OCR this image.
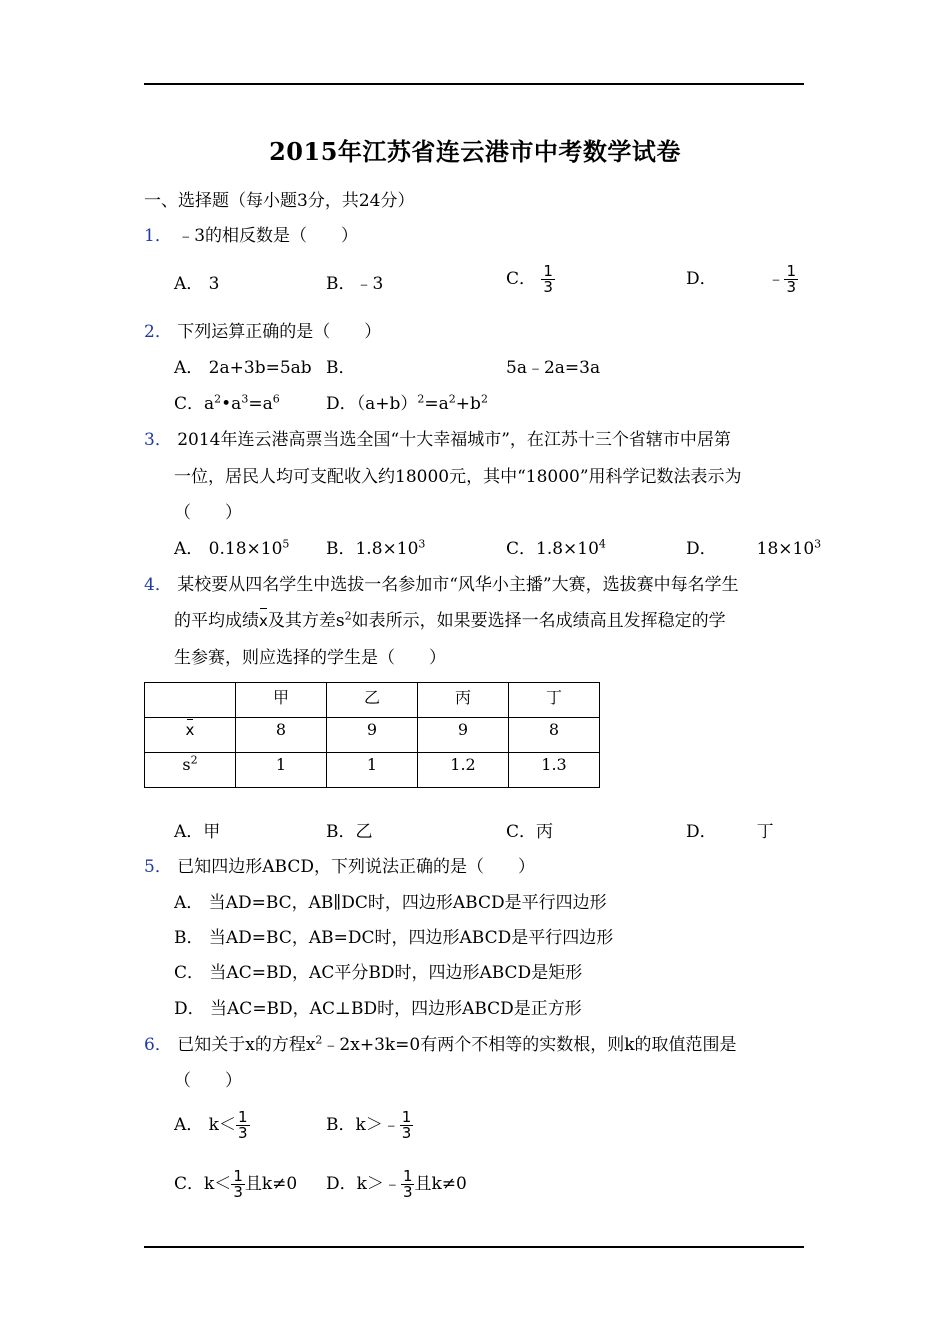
2015年江苏省连云港市中考数学试卷
一、选择题（每小题3分，共24分）
1． ﹣3的相反数是（　　）
A． 3	B．﹣3	C． $\frac{1}{3}$	D．	﹣ $\frac{1}{3}$
2． 下列运算正确的是（　　）
A． 2a+3b=5ab B．	5a﹣2a=3a
C．$a^2•a^3=a^6$	D．$(a+b)^2=a^2+b^2$
3． 2014年连云港高票当选全国“十大幸福城市”，在江苏十三个省辖市中居第
一位，居民人均可支配收入约18000元，其中“18000”用科学记数法表示为
（　　）
A． $0.18\times 10^5$ B．$1.8\times 10^3$	C．$1.8\times 10^4$	D． $18\times 10^3$
4． 某校要从四名学生中选拔一名参加市“风华小主播”大赛，选拔赛中每名学生
的平均成绩x及其方差$s^2$如表所示，如果要选择一名成绩高且发挥稳定的学
生参赛，则应选择的学生是（　　）
	甲	乙	丙	丁
x	8	9	9	8
$s^2$	1	1	1.2	1.3
A．甲	B．乙	C．丙	D． 丁
5． 已知四边形ABCD，下列说法正确的是（　　）
A． 当AD=BC，AB∥DC时，四边形ABCD是平行四边形
B． 当AD=BC，AB=DC时，四边形ABCD是平行四边形
C． 当AC=BD，AC平分BD时，四边形ABCD是矩形
D． 当AC=BD，AC⊥BD时，四边形ABCD是正方形
6． 已知关于x的方程$x^2﹣2x+3k=0$有两个不相等的实数根，则k的取值范围是
（　　）
A． $k< \frac{1}{3}$	B．k＞﹣ $\frac{1}{3}$
C．$k< \frac{1}{3}$ 且k≠0 D．k＞﹣ $\frac{1}{3}$ 且k≠0
